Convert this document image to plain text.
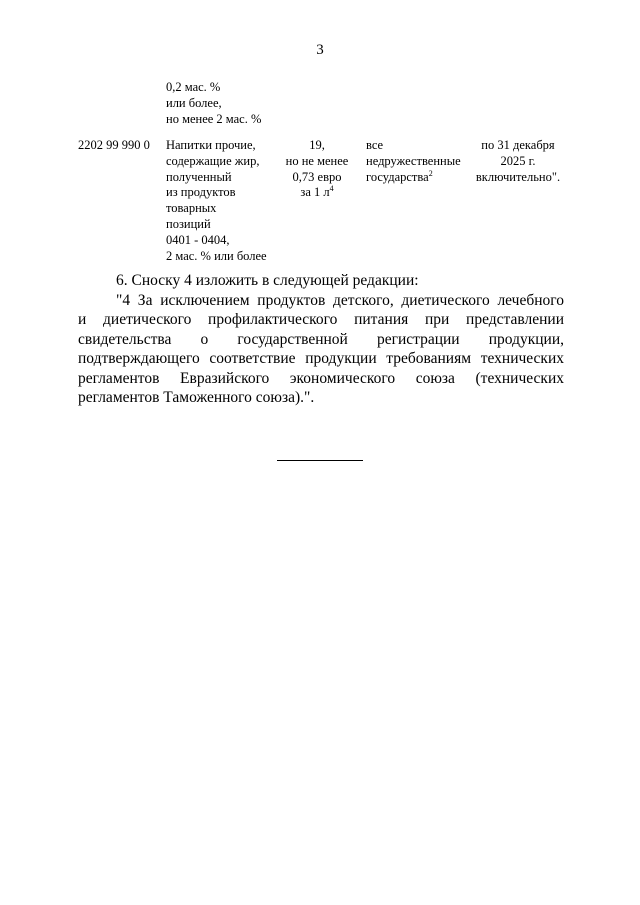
3
0,2 мас. %
или более,
но менее 2 мас. %
2202 99 990 0 Напитки прочие,
содержащие жир,
полученный
из продуктов
товарных
позиций
0401 - 0404,
2 мас. % или более
19,
но не менее
0,73 евро
за 1 $л^4$
все
недружественные
государства$^2$
по 31 декабря
2025 г.
включительно".
6. Сноску 4 изложить в следующей редакции:
"4 За исключением продуктов детского, диетического лечебного
и диетического профилактического питания при представлении
свидетельства о государственной регистрации продукции,
подтверждающего соответствие продукции требованиям технических
регламентов Евразийского экономического союза (технических
регламентов Таможенного союза).".
